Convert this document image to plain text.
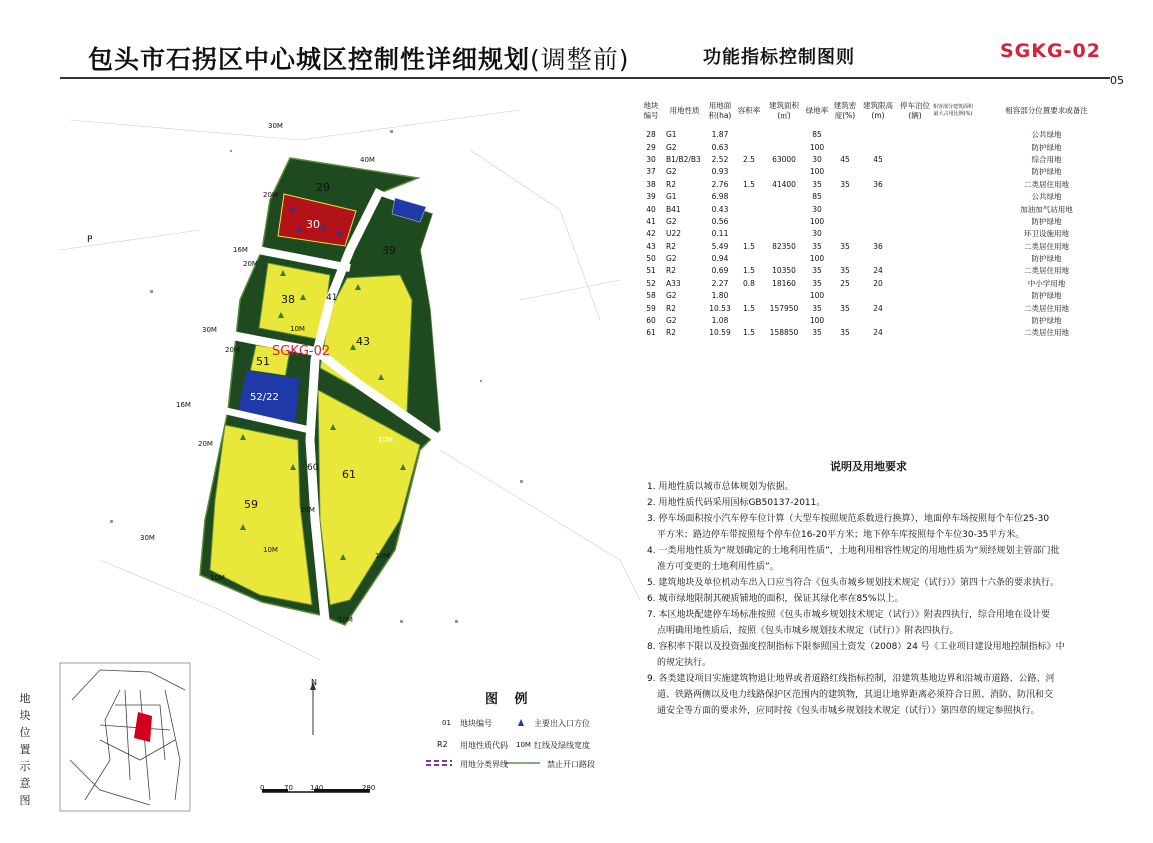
包头市石拐区中心城区控制性详细规划(调整前)	功能指标控制图则	SGKG-02
05
29
30
39
38
43
51
52/22
59
61
60
41
SGKG-02
P
30M
40M
20M
16M
20M
30M
20M
16M
20M
30M
10M
10M
10M
10M
10M
10M
10M
地块编号	用地性质	用地面积(ha)	容积率	建筑面积(㎡)	绿地率	建筑密度(%)	建筑限高(m)	停车泊位(辆)	相容部分建筑面积最大占用比例(%)	相容部分位置要求或备注
28	G1	1.87			85					公共绿地
29	G2	0.63			100					防护绿地
30	B1/B2/B3	2.52	2.5	63000	30	45	45			综合用地
37	G2	0.93			100					防护绿地
38	R2	2.76	1.5	41400	35	35	36			二类居住用地
39	G1	6.98			85					公共绿地
40	B41	0.43			30					加油加气站用地
41	G2	0.56			100					防护绿地
42	U22	0.11			30					环卫设施用地
43	R2	5.49	1.5	82350	35	35	36			二类居住用地
50	G2	0.94			100					防护绿地
51	R2	0.69	1.5	10350	35	35	24			二类居住用地
52	A33	2.27	0.8	18160	35	25	20			中小学用地
58	G2	1.80			100					防护绿地
59	R2	10.53	1.5	157950	35	35	24			二类居住用地
60	G2	1.08			100					防护绿地
61	R2	10.59	1.5	158850	35	35	24			二类居住用地
说明及用地要求
1. 用地性质以城市总体规划为依据。
2. 用地性质代码采用国标GB50137-2011。
3. 停车场面积按小汽车停车位计算（大型车按照规范系数进行换算），地面停车场按照每个车位25-30
平方米；路边停车带按照每个停车位16-20平方米；地下停车库按照每个车位30-35平方米。
4. 一类用地性质为“规划确定的土地利用性质”，土地利用相容性规定的用地性质为“须经规划主管部门批
准方可变更的土地利用性质”。
5. 建筑地块及单位机动车出入口应当符合《包头市城乡规划技术规定（试行）》第四十六条的要求执行。
6. 城市绿地限制其硬质铺地的面积，保证其绿化率在85%以上。
7. 本区地块配建停车场标准按照《包头市城乡规划技术规定（试行）》附表四执行，综合用地在设计要
点明确用地性质后，按照《包头市城乡规划技术规定（试行）》附表四执行。
8. 容积率下限以及投资强度控制指标下限参照国土资发（2008）24 号《工业项目建设用地控制指标》中
的规定执行。
9. 各类建设项目实施建筑物退让地界或者道路红线指标控制，沿建筑基地边界和沿城市道路、公路、河
道、铁路两侧以及电力线路保护区范围内的建筑物，其退让地界距离必须符合日照、消防、防汛和交
通安全等方面的要求外，应同时按《包头市城乡规划技术规定（试行）》第四章的规定参照执行。
地
块
位
置
示
意
图
图 例
01 地块编号	主要出入口方位
R2 用地性质代码 10M 红线及绿线宽度
用地分类界线	禁止开口路段
0	70 140	280
N
